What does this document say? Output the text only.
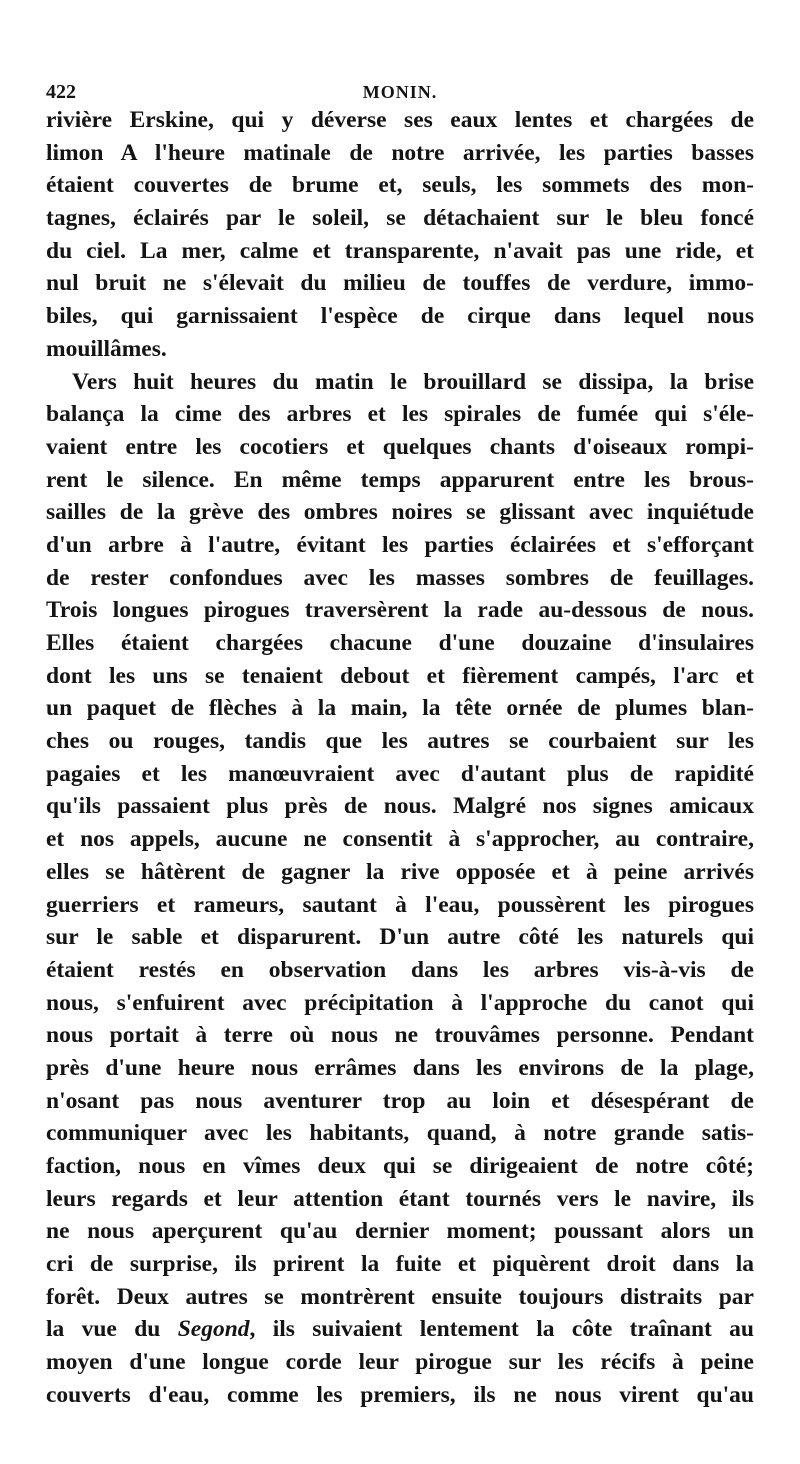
422	MONIN.
rivière Erskine, qui y déverse ses eaux lentes et chargées de
limon A l'heure matinale de notre arrivée, les parties basses
étaient couvertes de brume et, seuls, les sommets des mon-
tagnes, éclairés par le soleil, se détachaient sur le bleu foncé
du ciel. La mer, calme et transparente, n'avait pas une ride, et
nul bruit ne s'élevait du milieu de touffes de verdure, immo-
biles, qui garnissaient l'espèce de cirque dans lequel nous
mouillâmes.
Vers huit heures du matin le brouillard se dissipa, la brise
balança la cime des arbres et les spirales de fumée qui s'éle-
vaient entre les cocotiers et quelques chants d'oiseaux rompi-
rent le silence. En même temps apparurent entre les brous-
sailles de la grève des ombres noires se glissant avec inquiétude
d'un arbre à l'autre, évitant les parties éclairées et s'efforçant
de rester confondues avec les masses sombres de feuillages.
Trois longues pirogues traversèrent la rade au-dessous de nous.
Elles étaient chargées chacune d'une douzaine d'insulaires
dont les uns se tenaient debout et fièrement campés, l'arc et
un paquet de flèches à la main, la tête ornée de plumes blan-
ches ou rouges, tandis que les autres se courbaient sur les
pagaies et les manœuvraient avec d'autant plus de rapidité
qu'ils passaient plus près de nous. Malgré nos signes amicaux
et nos appels, aucune ne consentit à s'approcher, au contraire,
elles se hâtèrent de gagner la rive opposée et à peine arrivés
guerriers et rameurs, sautant à l'eau, poussèrent les pirogues
sur le sable et disparurent. D'un autre côté les naturels qui
étaient restés en observation dans les arbres vis-à-vis de
nous, s'enfuirent avec précipitation à l'approche du canot qui
nous portait à terre où nous ne trouvâmes personne. Pendant
près d'une heure nous errâmes dans les environs de la plage,
n'osant pas nous aventurer trop au loin et désespérant de
communiquer avec les habitants, quand, à notre grande satis-
faction, nous en vîmes deux qui se dirigeaient de notre côté;
leurs regards et leur attention étant tournés vers le navire, ils
ne nous aperçurent qu'au dernier moment; poussant alors un
cri de surprise, ils prirent la fuite et piquèrent droit dans la
forêt. Deux autres se montrèrent ensuite toujours distraits par
la vue du Segond, ils suivaient lentement la côte traînant au
moyen d'une longue corde leur pirogue sur les récifs à peine
couverts d'eau, comme les premiers, ils ne nous virent qu'au
